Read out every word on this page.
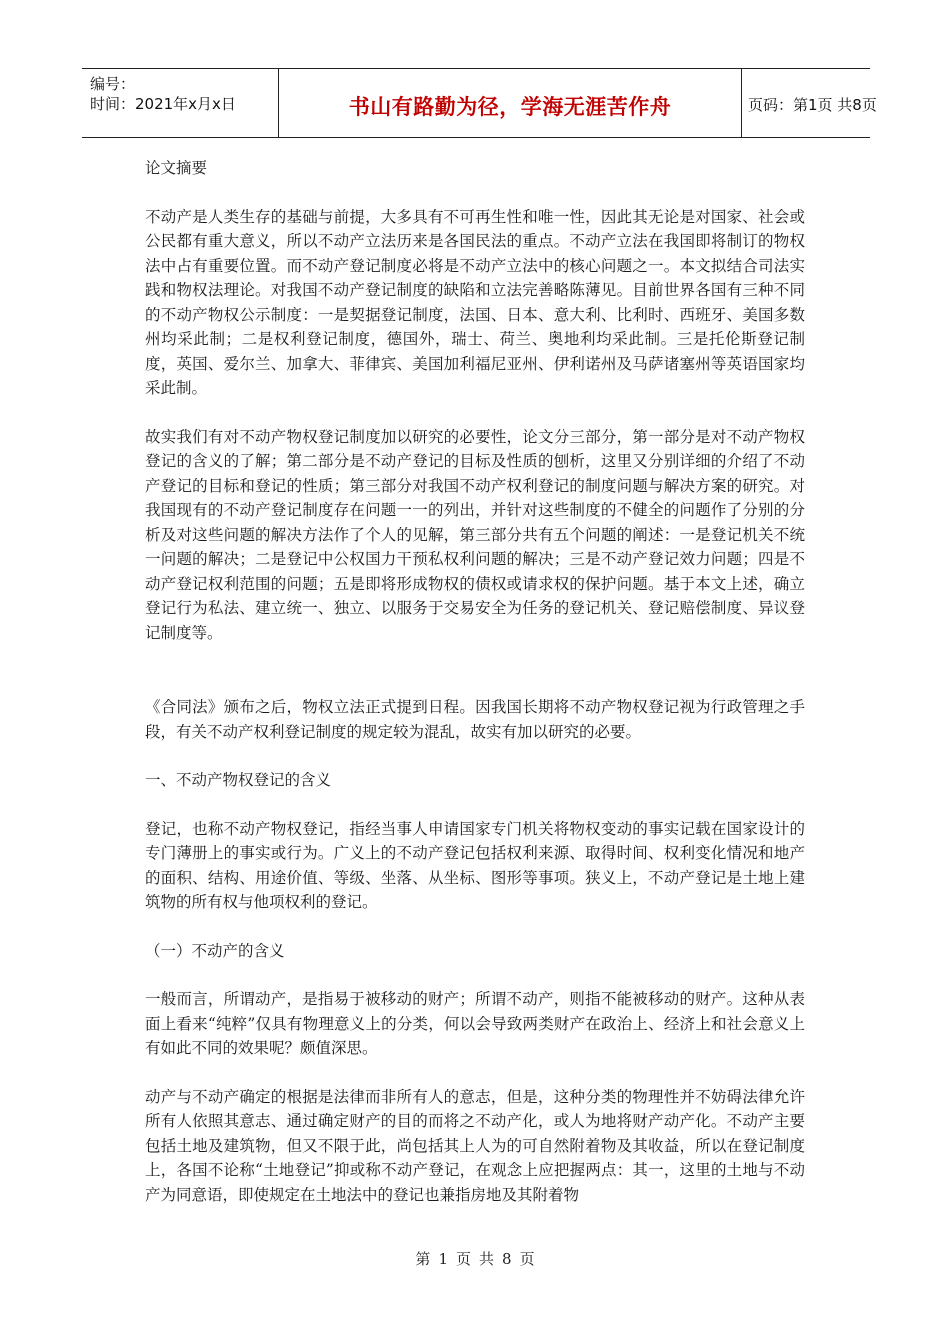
编号：
时间：2021年x月x日	书山有路勤为径，学海无涯苦作舟	页码：第1页 共8页

论文摘要

不动产是人类生存的基础与前提，大多具有不可再生性和唯一性，因此其无论是对国家、社会或公民都有重大意义，所以不动产立法历来是各国民法的重点。不动产立法在我国即将制订的物权法中占有重要位置。而不动产登记制度必将是不动产立法中的核心问题之一。本文拟结合司法实践和物权法理论。对我国不动产登记制度的缺陷和立法完善略陈薄见。目前世界各国有三种不同的不动产物权公示制度：一是契据登记制度，法国、日本、意大利、比利时、西班牙、美国多数州均采此制；二是权利登记制度，德国外，瑞士、荷兰、奥地利均采此制。三是托伦斯登记制度，英国、爱尔兰、加拿大、菲律宾、美国加利福尼亚州、伊利诺州及马萨诸塞州等英语国家均采此制。

故实我们有对不动产物权登记制度加以研究的必要性，论文分三部分，第一部分是对不动产物权登记的含义的了解；第二部分是不动产登记的目标及性质的刨析，这里又分别详细的介绍了不动产登记的目标和登记的性质；第三部分对我国不动产权利登记的制度问题与解决方案的研究。对我国现有的不动产登记制度存在问题一一的列出，并针对这些制度的不健全的问题作了分别的分析及对这些问题的解决方法作了个人的见解，第三部分共有五个问题的阐述：一是登记机关不统一问题的解决；二是登记中公权国力干预私权利问题的解决；三是不动产登记效力问题；四是不动产登记权利范围的问题；五是即将形成物权的债权或请求权的保护问题。基于本文上述，确立登记行为私法、建立统一、独立、以服务于交易安全为任务的登记机关、登记赔偿制度、异议登记制度等。

《合同法》颁布之后，物权立法正式提到日程。因我国长期将不动产物权登记视为行政管理之手段，有关不动产权利登记制度的规定较为混乱，故实有加以研究的必要。

一、不动产物权登记的含义

登记，也称不动产物权登记，指经当事人申请国家专门机关将物权变动的事实记载在国家设计的专门薄册上的事实或行为。广义上的不动产登记包括权利来源、取得时间、权利变化情况和地产的面积、结构、用途价值、等级、坐落、从坐标、图形等事项。狭义上，不动产登记是土地上建筑物的所有权与他项权利的登记。

（一）不动产的含义

一般而言，所谓动产，是指易于被移动的财产；所谓不动产，则指不能被移动的财产。这种从表面上看来“纯粹”仅具有物理意义上的分类，何以会导致两类财产在政治上、经济上和社会意义上有如此不同的效果呢？颇值深思。

动产与不动产确定的根据是法律而非所有人的意志，但是，这种分类的物理性并不妨碍法律允许所有人依照其意志、通过确定财产的目的而将之不动产化，或人为地将财产动产化。不动产主要包括土地及建筑物，但又不限于此，尚包括其上人为的可自然附着物及其收益，所以在登记制度上，各国不论称“土地登记”抑或称不动产登记，在观念上应把握两点：其一，这里的土地与不动产为同意语，即使规定在土地法中的登记也兼指房地及其附着物

第 1 页 共 8 页
